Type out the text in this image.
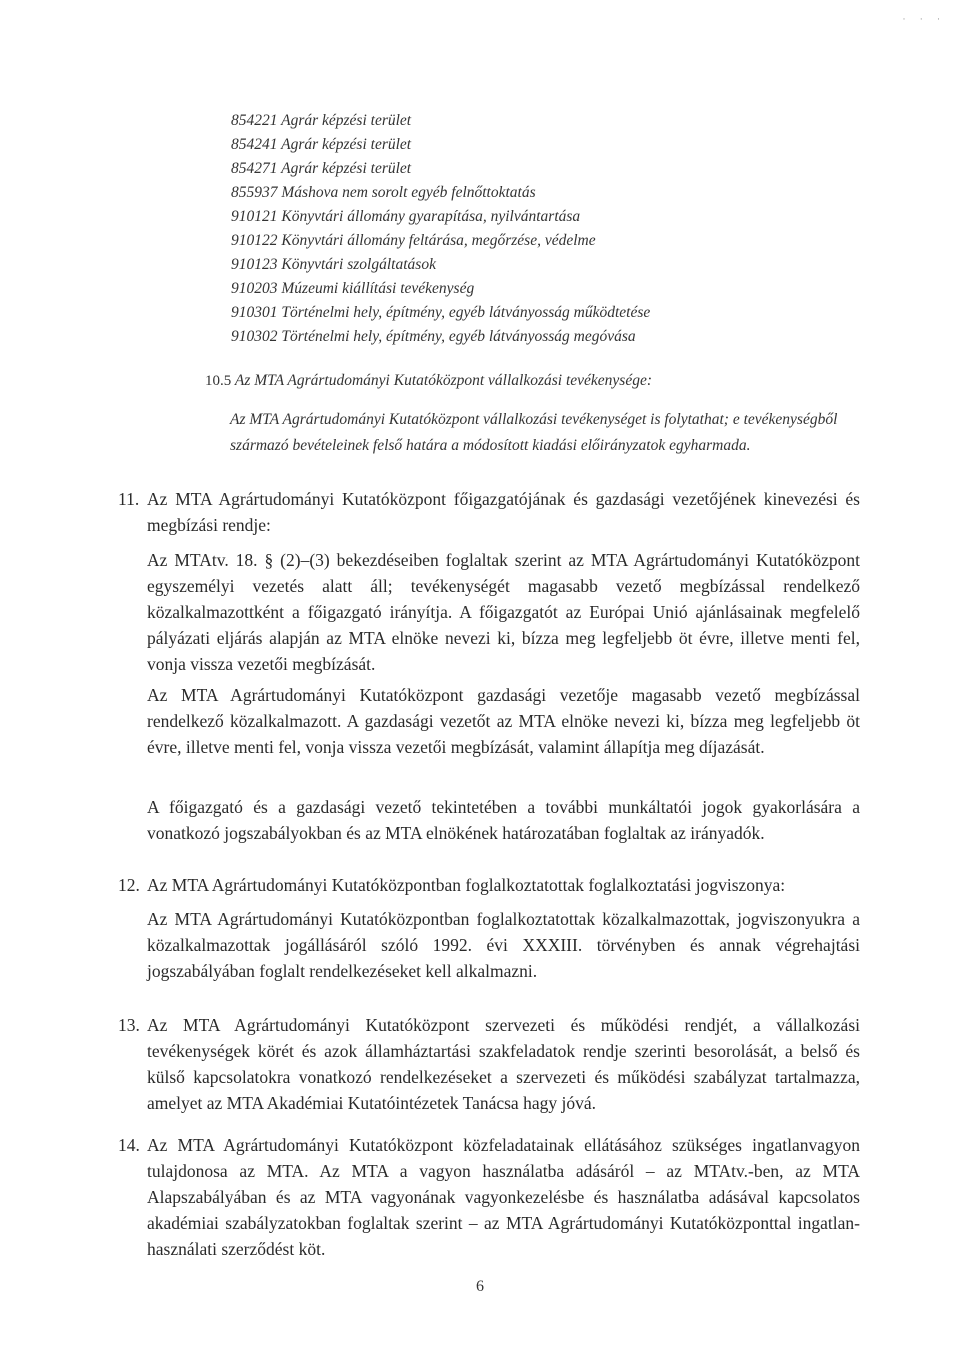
· · ·
854221 Agrár képzési terület
854241 Agrár képzési terület
854271 Agrár képzési terület
855937 Máshova nem sorolt egyéb felnőttoktatás
910121 Könyvtári állomány gyarapítása, nyilvántartása
910122 Könyvtári állomány feltárása, megőrzése, védelme
910123 Könyvtári szolgáltatások
910203 Múzeumi kiállítási tevékenység
910301 Történelmi hely, építmény, egyéb látványosság működtetése
910302 Történelmi hely, építmény, egyéb látványosság megóvása
10.5 Az MTA Agrártudományi Kutatóközpont vállalkozási tevékenysége:
Az MTA Agrártudományi Kutatóközpont vállalkozási tevékenységet is folytathat; e tevékenységből származó bevételeinek felső határa a módosított kiadási előirányzatok egyharmada.
11. Az MTA Agrártudományi Kutatóközpont főigazgatójának és gazdasági vezetőjének kinevezési és megbízási rendje:
Az MTAtv. 18. § (2)–(3) bekezdéseiben foglaltak szerint az MTA Agrártudományi Kutatóközpont egyszemélyi vezetés alatt áll; tevékenységét magasabb vezető megbízással rendelkező közalkalmazottként a főigazgató irányítja. A főigazgatót az Európai Unió ajánlásainak megfelelő pályázati eljárás alapján az MTA elnöke nevezi ki, bízza meg legfeljebb öt évre, illetve menti fel, vonja vissza vezetői megbízását.
Az MTA Agrártudományi Kutatóközpont gazdasági vezetője magasabb vezető megbízással rendelkező közalkalmazott. A gazdasági vezetőt az MTA elnöke nevezi ki, bízza meg legfeljebb öt évre, illetve menti fel, vonja vissza vezetői megbízását, valamint állapítja meg díjazását.
A főigazgató és a gazdasági vezető tekintetében a további munkáltatói jogok gyakorlására a vonatkozó jogszabályokban és az MTA elnökének határozatában foglaltak az irányadók.
12. Az MTA Agrártudományi Kutatóközpontban foglalkoztatottak foglalkoztatási jogviszonya:
Az MTA Agrártudományi Kutatóközpontban foglalkoztatottak közalkalmazottak, jogviszonyukra a közalkalmazottak jogállásáról szóló 1992. évi XXXIII. törvényben és annak végrehajtási jogszabályában foglalt rendelkezéseket kell alkalmazni.
13. Az MTA Agrártudományi Kutatóközpont szervezeti és működési rendjét, a vállalkozási tevékenységek körét és azok államháztartási szakfeladatok rendje szerinti besorolását, a belső és külső kapcsolatokra vonatkozó rendelkezéseket a szervezeti és működési szabályzat tartalmazza, amelyet az MTA Akadémiai Kutatóintézetek Tanácsa hagy jóvá.
14. Az MTA Agrártudományi Kutatóközpont közfeladatainak ellátásához szükséges ingatlanvagyon tulajdonosa az MTA. Az MTA a vagyon használatba adásáról – az MTAtv.-ben, az MTA Alapszabályában és az MTA vagyonának vagyonkezelésbe és használatba adásával kapcsolatos akadémiai szabályzatokban foglaltak szerint – az MTA Agrártudományi Kutatóközponttal ingatlan-használati szerződést köt.
6
